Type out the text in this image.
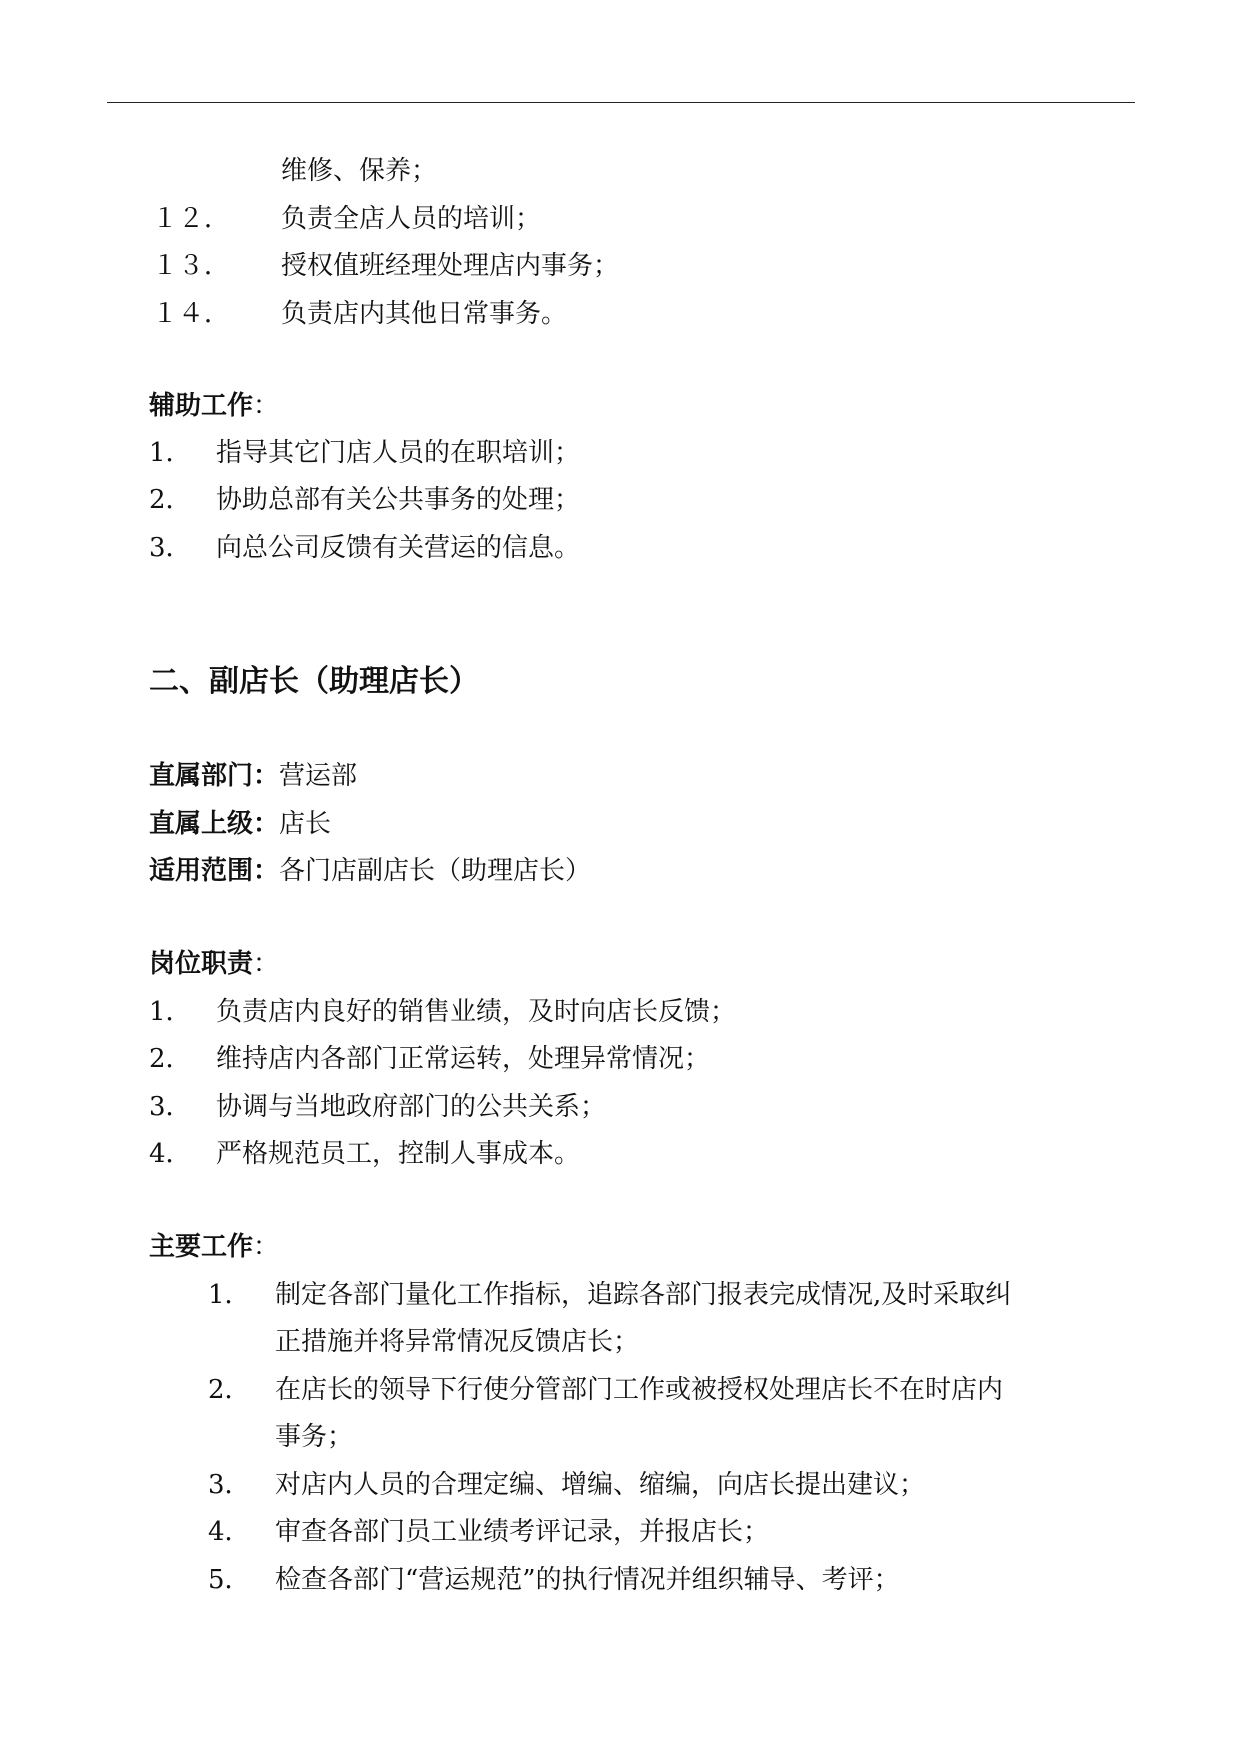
维修、保养；
１２． 负责全店人员的培训；
１３． 授权值班经理处理店内事务；
１４． 负责店内其他日常事务。
辅助工作：
1． 指导其它门店人员的在职培训；
2． 协助总部有关公共事务的处理；
3． 向总公司反馈有关营运的信息。
二、副店长（助理店长）
直属部门：营运部
直属上级：店长
适用范围：各门店副店长（助理店长）
岗位职责：
1． 负责店内良好的销售业绩，及时向店长反馈；
2． 维持店内各部门正常运转，处理异常情况；
3． 协调与当地政府部门的公共关系；
4． 严格规范员工，控制人事成本。
主要工作：
1． 制定各部门量化工作指标，追踪各部门报表完成情况,及时采取纠
正措施并将异常情况反馈店长；
2． 在店长的领导下行使分管部门工作或被授权处理店长不在时店内
事务；
3． 对店内人员的合理定编、增编、缩编，向店长提出建议；
4． 审查各部门员工业绩考评记录，并报店长；
5． 检查各部门“营运规范”的执行情况并组织辅导、考评；
